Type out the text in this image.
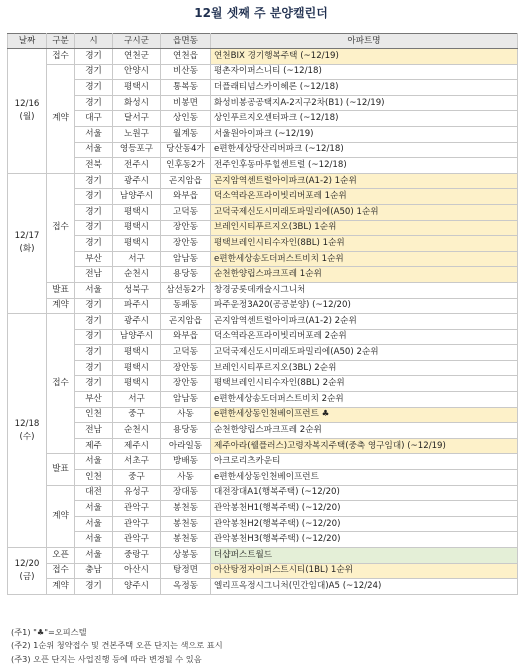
12월 셋째 주 분양캘린더
날짜	구분	시	구시군	읍면동	아파트명
12/16
(월)	접수	경기	연천군	연천읍	연천BIX 경기행복주택 (~12/19)
	계약	경기	안양시	비산동	평촌자이퍼스니티 (~12/18)
		경기	평택시	통복동	더플래티넘스카이헤론 (~12/18)
		경기	화성시	비봉면	화성비봉공공택지A-2지구2차(B1) (~12/19)
		대구	달서구	상인동	상인푸르지오센터파크 (~12/18)
		서울	노원구	월계동	서울원아이파크 (~12/19)
		서울	영등포구	당산동4가	e편한세상당산리버파크 (~12/18)
		전북	전주시	인후동2가	전주인후동마루힐센트럴 (~12/18)
12/17
(화)	접수	경기	광주시	곤지암읍	곤지암역센트럴아이파크(A1-2) 1순위
		경기	남양주시	와부읍	덕소역라온프라이빗리버포레 1순위
		경기	평택시	고덕동	고덕국제신도시미래도파밀리에(A50) 1순위
		경기	평택시	장안동	브레인시티푸르지오(3BL) 1순위
		경기	평택시	장안동	평택브레인시티수자인(8BL) 1순위
		부산	서구	암남동	e편한세상송도더퍼스트비치 1순위
		전남	순천시	용당동	순천한양립스파크프레 1순위
	발표	서울	성북구	삼선동2가	창경궁롯데캐슬시그니처
	계약	경기	파주시	동패동	파주운정3A20(공공분양) (~12/20)
12/18
(수)	접수	경기	광주시	곤지암읍	곤지암역센트럴아이파크(A1-2) 2순위
		경기	남양주시	와부읍	덕소역라온프라이빗리버포레 2순위
		경기	평택시	고덕동	고덕국제신도시미래도파밀리에(A50) 2순위
		경기	평택시	장안동	브레인시티푸르지오(3BL) 2순위
		경기	평택시	장안동	평택브레인시티수자인(8BL) 2순위
		부산	서구	암남동	e편한세상송도더퍼스트비치 2순위
		인천	중구	사동	e편한세상동인천베이프런트 ♣
		전남	순천시	용당동	순천한양립스파크프레 2순위
		제주	제주시	아라일동	제주아라(웰플러스)고령자복지주택(중축 영구임대) (~12/19)
	발표	서울	서초구	방배동	아크로리츠카운티
		인천	중구	사동	e편한세상동인천베이프런트
	계약	대전	유성구	장대동	대전장대A1(행복주택) (~12/20)
		서울	관악구	봉천동	관악봉천H1(행복주택) (~12/20)
		서울	관악구	봉천동	관악봉천H2(행복주택) (~12/20)
		서울	관악구	봉천동	관악봉천H3(행복주택) (~12/20)
12/20
(금)	오픈	서울	중랑구	상봉동	더샵퍼스트월드
	접수	충남	아산시	탕정면	아산탕정자이퍼스트시티(1BL) 1순위
	계약	경기	양주시	옥정동	엘리프옥정시그니처(민간임대)A5 (~12/24)
(주1) "♣"=오피스텔
(주2) 1순위 청약접수 및 견본주택 오픈 단지는 색으로 표시
(주3) 오픈 단지는 사업진행 등에 따라 변경될 수 있음
